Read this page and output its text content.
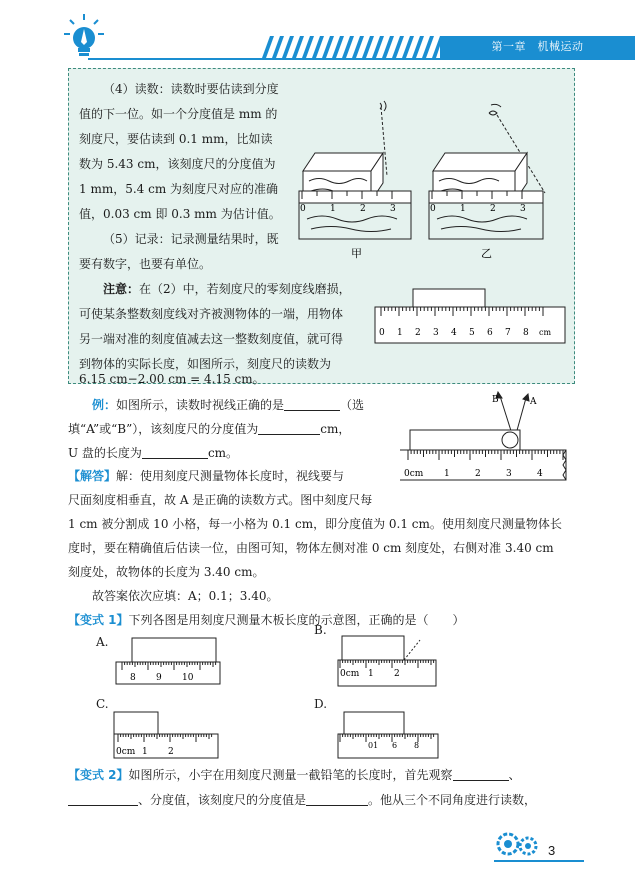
第一章　机械运动
（4）读数：读数时要估读到分度
值的下一位。如一个分度值是 mm 的
刻度尺，要估读到 0.1 mm，比如读
数为 5.43 cm，该刻度尺的分度值为
1 mm，5.4 cm 为刻度尺对应的准确
值，0.03 cm 即 0.3 mm 为估计值。
（5）记录：记录测量结果时，既
要有数字，也要有单位。
注意：在（2）中，若刻度尺的零刻度线磨损，
可使某条整数刻度线对齐被测物体的一端，用物体
另一端对准的刻度值减去这一整数刻度值，就可得
到物体的实际长度，如图所示，刻度尺的读数为
6.15 cm−2.00 cm = 4.15 cm。
0	1	2	3
甲
0	1	2	3
乙
0 1 2 3 4 5 6 7 8 cm
例：如图所示，读数时视线正确的是	（选
填“A”或“B”），该刻度尺的分度值为	cm，
U 盘的长度为	cm。
0cm 1	2	3	4
B	A
【解答】解：使用刻度尺测量物体长度时，视线要与
尺面刻度相垂直，故 A 是正确的读数方式。图中刻度尺每
1 cm 被分割成 10 小格，每一小格为 0.1 cm，即分度值为 0.1 cm。使用刻度尺测量物体长
度时，要在精确值后估读一位，由图可知，物体左侧对准 0 cm 刻度处，右侧对准 3.40 cm
刻度处，故物体的长度为 3.40 cm。
故答案依次应填：A；0.1；3.40。
【变式 1】下列各图是用刻度尺测量木板长度的示意图，正确的是（　　）
A.
8 9 10
B.
0cm 1 2
C.
0cm 1 2
D.
01 6 8
【变式 2】如图所示，小宇在用刻度尺测量一截铅笔的长度时，首先观察	、
、分度值，该刻度尺的分度值是	。他从三个不同角度进行读数，
3
